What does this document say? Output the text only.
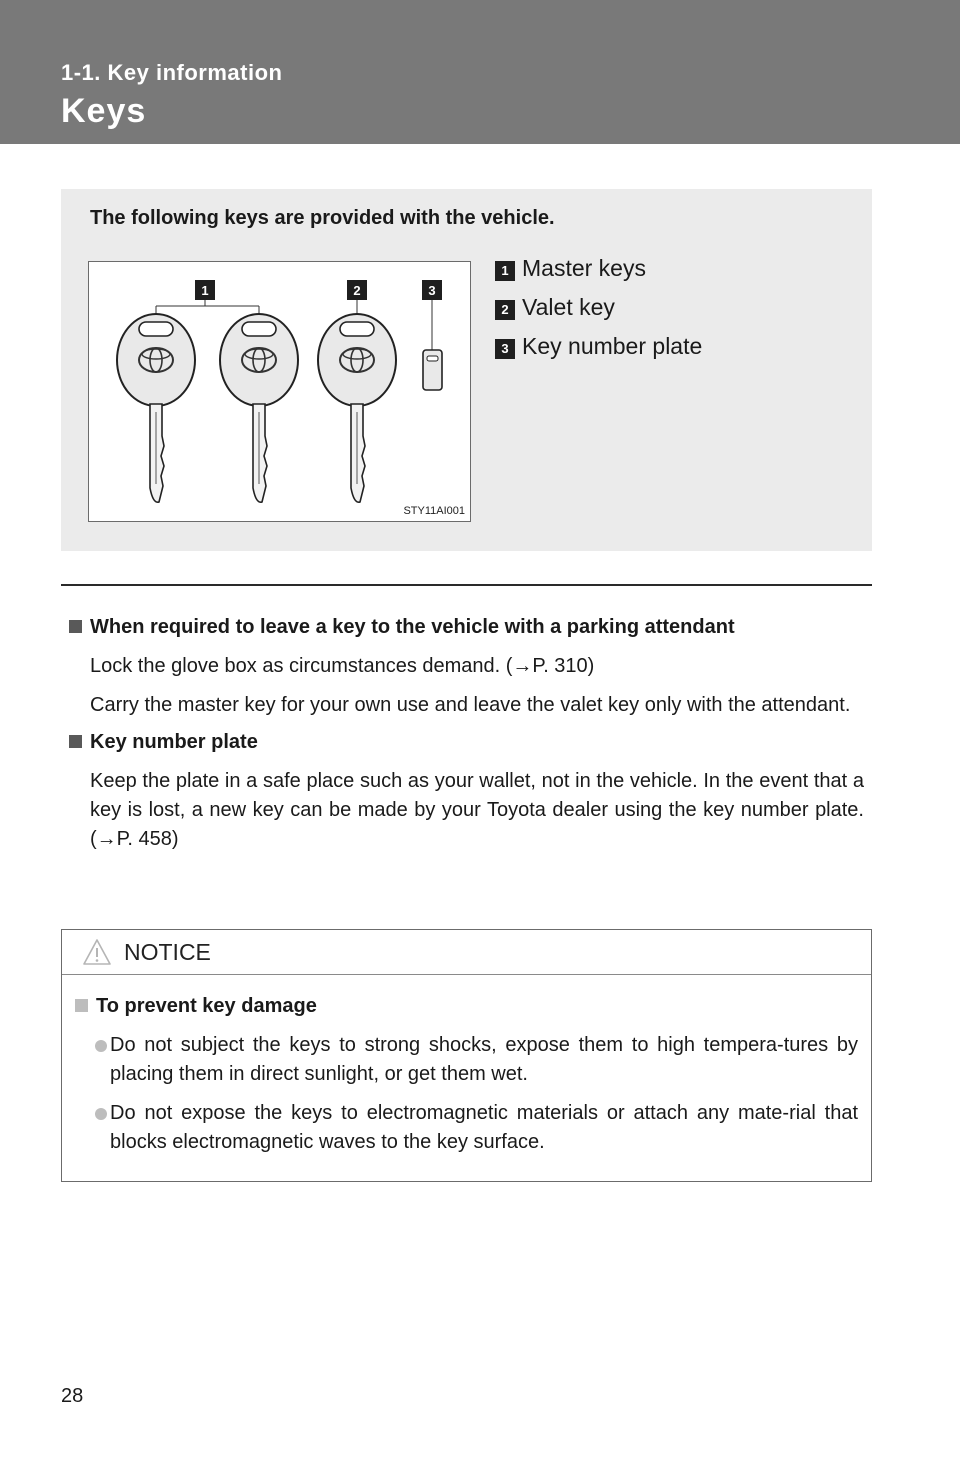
1-1. Key information
Keys
The following keys are provided with the vehicle.
1	2	3
STY11AI001
1 Master keys
2 Valet key
3 Key number plate
When required to leave a key to the vehicle with a parking attendant
Lock the glove box as circumstances demand. (→P. 310)
Carry the master key for your own use and leave the valet key only with the attendant.
Key number plate
Keep the plate in a safe place such as your wallet, not in the vehicle. In the event that a key is lost, a new key can be made by your Toyota dealer using the key number plate. (→P. 458)
NOTICE
To prevent key damage
Do not subject the keys to strong shocks, expose them to high tempera-tures by placing them in direct sunlight, or get them wet.
Do not expose the keys to electromagnetic materials or attach any mate-rial that blocks electromagnetic waves to the key surface.
28
